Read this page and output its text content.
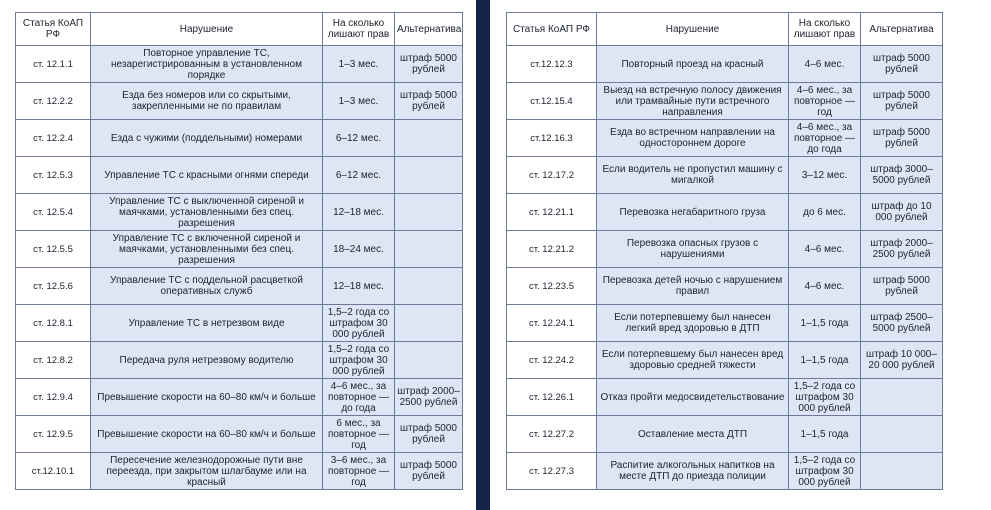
Статья КоАП РФ	Нарушение	На сколько лишают прав	Альтернатива
ст. 12.1.1	Повторное управление ТС, незарегистрированным в установленном порядке	1–3 мес.	штраф 5000 рублей
ст. 12.2.2	Езда без номеров или со скрытыми, закрепленными не по правилам	1–3 мес.	штраф 5000 рублей
ст. 12.2.4	Езда с чужими (поддельными) номерами	6–12 мес.	
ст. 12.5.3	Управление ТС с красными огнями спереди	6–12 мес.	
ст. 12.5.4	Управление ТС с выключенной сиреной и маячками, установленными без спец. разрешения	12–18 мес.	
ст. 12.5.5	Управление ТС с включенной сиреной и маячками, установленными без спец. разрешения	18–24 мес.	
ст. 12.5.6	Управление ТС с поддельной расцветкой оперативных служб	12–18 мес.	
ст. 12.8.1	Управление ТС в нетрезвом виде	1,5–2 года со штрафом 30 000 рублей	
ст. 12.8.2	Передача руля нетрезвому водителю	1,5–2 года со штрафом 30 000 рублей	
ст. 12.9.4	Превышение скорости на 60–80 км/ч и больше	4–6 мес., за повторное — до года	штраф 2000–2500 рублей
ст. 12.9.5	Превышение скорости на 60–80 км/ч и больше	6 мес., за повторное — год	штраф 5000 рублей
ст.12.10.1	Пересечение железнодорожные пути вне переезда, при закрытом шлагбауме или на красный	3–6 мес., за повторное — год	штраф 5000 рублей
Статья КоАП РФ	Нарушение	На сколько лишают прав	Альтернатива
ст.12.12.3	Повторный проезд на красный	4–6 мес.	штраф 5000 рублей
ст.12.15.4	Выезд на встречную полосу движения или трамвайные пути встречного направления	4–6 мес., за повторное — год	штраф 5000 рублей
ст.12.16.3	Езда во встречном направлении на одностороннем дороге	4–6 мес., за повторное — до года	штраф 5000 рублей
ст. 12.17.2	Если водитель не пропустил машину с мигалкой	3–12 мес.	штраф 3000–5000 рублей
ст. 12.21.1	Перевозка негабаритного груза	до 6 мес.	штраф до 10 000 рублей
ст. 12.21.2	Перевозка опасных грузов с нарушениями	4–6 мес.	штраф 2000–2500 рублей
ст. 12.23.5	Перевозка детей ночью с нарушением правил	4–6 мес.	штраф 5000 рублей
ст. 12.24.1	Если потерпевшему был нанесен легкий вред здоровью в ДТП	1–1,5 года	штраф 2500–5000 рублей
ст. 12.24.2	Если потерпевшему был нанесен вред здоровью средней тяжести	1–1,5 года	штраф 10 000–20 000 рублей
ст. 12.26.1	Отказ пройти медосвидетельствование	1,5–2 года со штрафом 30 000 рублей	
ст. 12.27.2	Оставление места ДТП	1–1,5 года	
ст. 12.27.3	Распитие алкогольных напитков на месте ДТП до приезда полиции	1,5–2 года со штрафом 30 000 рублей	
